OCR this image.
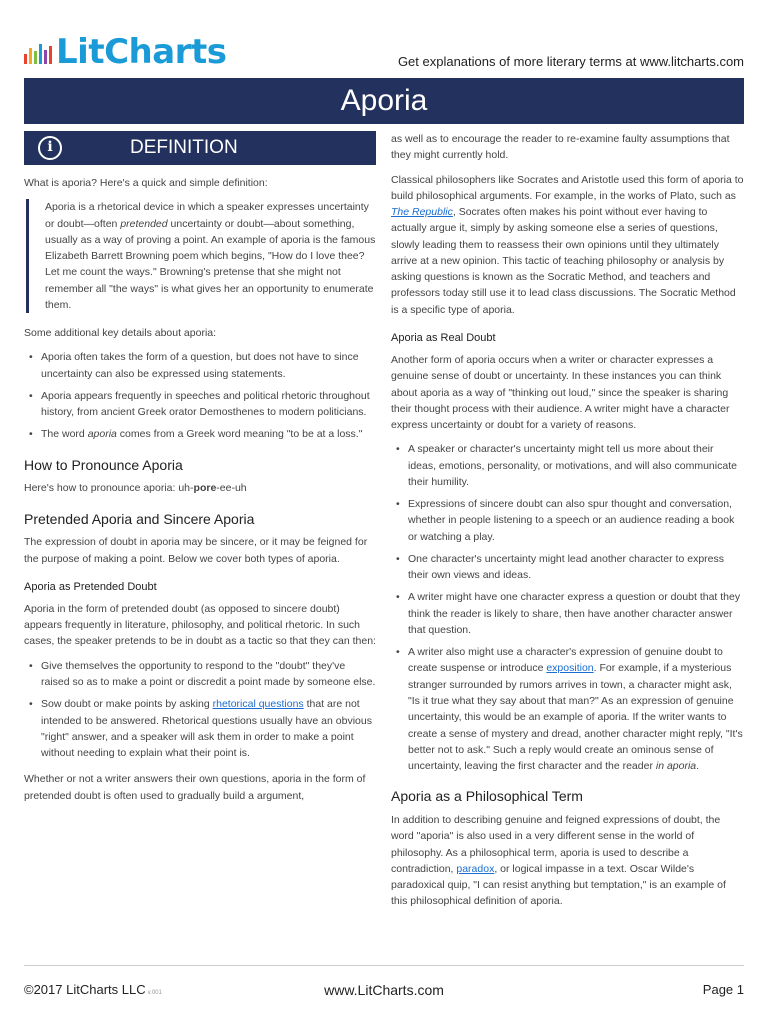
LitCharts	Get explanations of more literary terms at www.litcharts.com
Aporia
i	DEFINITION

What is aporia? Here's a quick and simple definition:

Aporia is a rhetorical device in which a speaker expresses uncertainty or doubt—often pretended uncertainty or doubt—about something, usually as a way of proving a point. An example of aporia is the famous Elizabeth Barrett Browning poem which begins, "How do I love thee? Let me count the ways." Browning's pretense that she might not remember all "the ways" is what gives her an opportunity to enumerate them.

Some additional key details about aporia:

• Aporia often takes the form of a question, but does not have to since uncertainty can also be expressed using statements.
• Aporia appears frequently in speeches and political rhetoric throughout history, from ancient Greek orator Demosthenes to modern politicians.
• The word aporia comes from a Greek word meaning "to be at a loss."
How to Pronounce Aporia

Here's how to pronounce aporia: uh-pore-ee-uh

Pretended Aporia and Sincere Aporia

The expression of doubt in aporia may be sincere, or it may be feigned for the purpose of making a point. Below we cover both types of aporia.

Aporia as Pretended Doubt

Aporia in the form of pretended doubt (as opposed to sincere doubt) appears frequently in literature, philosophy, and political rhetoric. In such cases, the speaker pretends to be in doubt as a tactic so that they can then:

• Give themselves the opportunity to respond to the "doubt" they've raised so as to make a point or discredit a point made by someone else.
• Sow doubt or make points by asking rhetorical questions that are not intended to be answered. Rhetorical questions usually have an obvious "right" answer, and a speaker will ask them in order to make a point without needing to explain what their point is.

Whether or not a writer answers their own questions, aporia in the form of pretended doubt is often used to gradually build a argument,

as well as to encourage the reader to re-examine faulty assumptions that they might currently hold.

Classical philosophers like Socrates and Aristotle used this form of aporia to build philosophical arguments. For example, in the works of Plato, such as The Republic, Socrates often makes his point without ever having to actually argue it, simply by asking someone else a series of questions, slowly leading them to reassess their own opinions until they ultimately arrive at a new opinion. This tactic of teaching philosophy or analysis by asking questions is known as the Socratic Method, and teachers and professors today still use it to lead class discussions. The Socratic Method is a specific type of aporia.

Aporia as Real Doubt

Another form of aporia occurs when a writer or character expresses a genuine sense of doubt or uncertainty. In these instances you can think about aporia as a way of "thinking out loud," since the speaker is sharing their thought process with their audience. A writer might have a character express uncertainty or doubt for a variety of reasons.

• A speaker or character's uncertainty might tell us more about their ideas, emotions, personality, or motivations, and will also communicate their humility.
• Expressions of sincere doubt can also spur thought and conversation, whether in people listening to a speech or an audience reading a book or watching a play.
• One character's uncertainty might lead another character to express their own views and ideas.
• A writer might have one character express a question or doubt that they think the reader is likely to share, then have another character answer that question.
• A writer also might use a character's expression of genuine doubt to create suspense or introduce exposition. For example, if a mysterious stranger surrounded by rumors arrives in town, a character might ask, "Is it true what they say about that man?" As an expression of genuine uncertainty, this would be an example of aporia. If the writer wants to create a sense of mystery and dread, another character might reply, "It's better not to ask." Such a reply would create an ominous sense of uncertainty, leaving the first character and the reader in aporia.
Aporia as a Philosophical Term

In addition to describing genuine and feigned expressions of doubt, the word "aporia" is also used in a very different sense in the world of philosophy. As a philosophical term, aporia is used to describe a contradiction, paradox, or logical impasse in a text. Oscar Wilde's paradoxical quip, "I can resist anything but temptation," is an example of this philosophical definition of aporia.

©2017 LitCharts LLC v.001	www.LitCharts.com	Page 1
